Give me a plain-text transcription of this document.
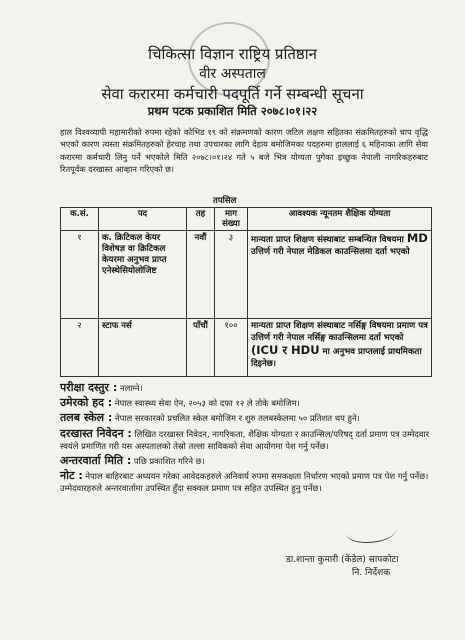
चिकित्सा विज्ञान राष्ट्रिय प्रतिष्ठान
वीर अस्पताल
सेवा करारमा कर्मचारी पदपूर्ति गर्ने सम्बन्धी सूचना
प्रथम पटक प्रकाशित मिति २०७८।०१।२२
हाल विश्वव्यापी महामारीको रुपमा रहेको कोभिड १९ को संक्रमणको कारण जटिल लक्षण सहितका संक्रमितहरुको चाप वृद्धि भएको कारण त्यस्ता संक्रमितहरुको हेरचाह तथा उपचारका लागि देहाय बमोजिमका पदहरुमा हाललाई ६ महिनाका लागि सेवा करारमा कर्मचारी लिनु पर्ने भएकोले मिति २०७८।०१।२४ गते ५ बजे भित्र योग्यता पुगेका इच्छुक नेपाली नागरिकहरुबाट रितपूर्वक दरखास्त आव्हान गरिएको छ।
तपसिल
क.सं.	पद	तह	माग संख्या	आवश्यक न्यूनतम शैक्षिक योग्यता
१	क. क्रिटिकल केयर विशेषज्ञ वा क्रिटिकल केयरमा अनुभव प्राप्त एनेस्थेसियोलोजिष्ट	नवौं	३	मान्यता प्राप्त शिक्षण संस्थाबाट सम्बन्धित विषयमा MD उत्तिर्ण गरी नेपाल मेडिकल काउन्सिलमा दर्ता भएको
२	स्टाफ नर्स	पाँचौं	१००	मान्यता प्राप्त शिक्षण संस्थाबाट नर्सिङ्ग विषयमा प्रमाण पत्र उत्तिर्ण गरी नेपाल नर्सिङ्ग काउन्सिलमा दर्ता भएको (ICU र HDU मा अनुभव प्राप्तलाई प्राथमिकता दिइनेछ।
परीक्षा दस्तुर : नलाग्ने।
उमेरको हद : नेपाल स्वास्थ्य सेवा ऐन, २०५३ को दफा १२ ले तोके बमोजिम।
तलब स्केल : नेपाल सरकारको प्रचलित स्केल बमोजिम र शुरु तलबस्केलमा ५० प्रतिशत थप हुने।
दरखास्त निवेदन : लिखित दरखास्त निवेदन, नागरिकता, शैक्षिक योग्यता र काउन्सिल/परिषद् दर्ता प्रमाण पत्र उम्मेदवार स्वयंले प्रमाणित गरी यस अस्पतालको तेस्रो तल्ला साविकको सेवा आयोगमा पेश गर्नु पर्नेछ।
अन्तरवार्ता मिति : पछि प्रकाशित गरिने छ।
नोट : नेपाल बाहिरबाट अध्ययन गरेका आवेदकहरुले अनिवार्य रुपमा समकक्षता निर्धारण भएको प्रमाण पत्र पेश गर्नु पर्नेछ। उम्मेदवारहरुले अन्तरवार्तामा उपस्थित हुँदा सक्कल प्रमाण पत्र सहित उपस्थित हुनु पर्नेछ।
डा.शान्ता कुमारी (केंडेल) सापकोटा
नि. निर्देशक
